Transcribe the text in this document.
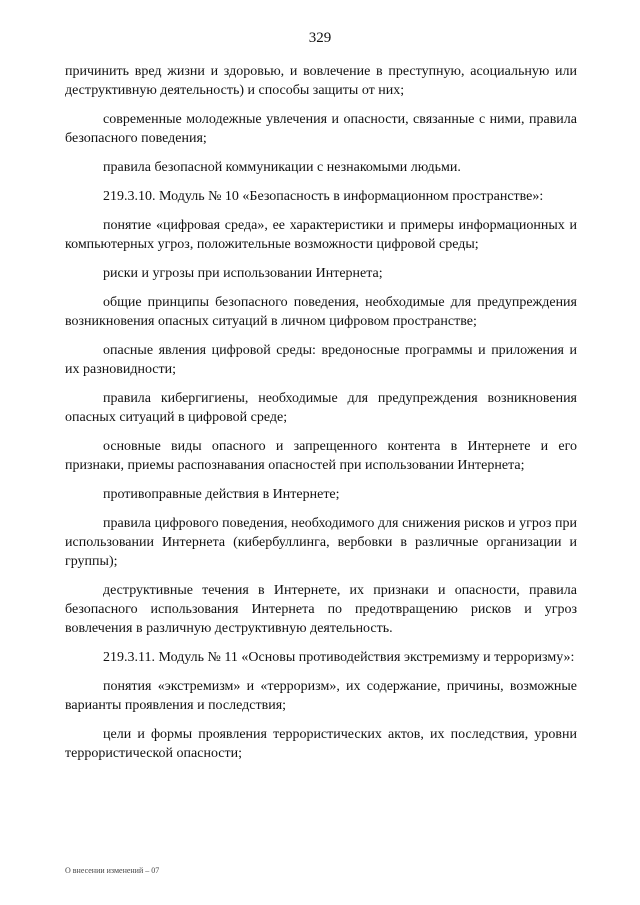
329

причинить вред жизни и здоровью, и вовлечение в преступную, асоциальную или деструктивную деятельность) и способы защиты от них;

современные молодежные увлечения и опасности, связанные с ними, правила безопасного поведения;

правила безопасной коммуникации с незнакомыми людьми.

219.3.10. Модуль № 10 «Безопасность в информационном пространстве»:

понятие «цифровая среда», ее характеристики и примеры информационных и компьютерных угроз, положительные возможности цифровой среды;

риски и угрозы при использовании Интернета;

общие принципы безопасного поведения, необходимые для предупреждения возникновения опасных ситуаций в личном цифровом пространстве;

опасные явления цифровой среды: вредоносные программы и приложения и их разновидности;

правила кибергигиены, необходимые для предупреждения возникновения опасных ситуаций в цифровой среде;

основные виды опасного и запрещенного контента в Интернете и его признаки, приемы распознавания опасностей при использовании Интернета;

противоправные действия в Интернете;

правила цифрового поведения, необходимого для снижения рисков и угроз при использовании Интернета (кибербуллинга, вербовки в различные организации и группы);

деструктивные течения в Интернете, их признаки и опасности, правила безопасного использования Интернета по предотвращению рисков и угроз вовлечения в различную деструктивную деятельность.

219.3.11. Модуль № 11 «Основы противодействия экстремизму и терроризму»:

понятия «экстремизм» и «терроризм», их содержание, причины, возможные варианты проявления и последствия;

цели и формы проявления террористических актов, их последствия, уровни террористической опасности;

О внесении изменений – 07
